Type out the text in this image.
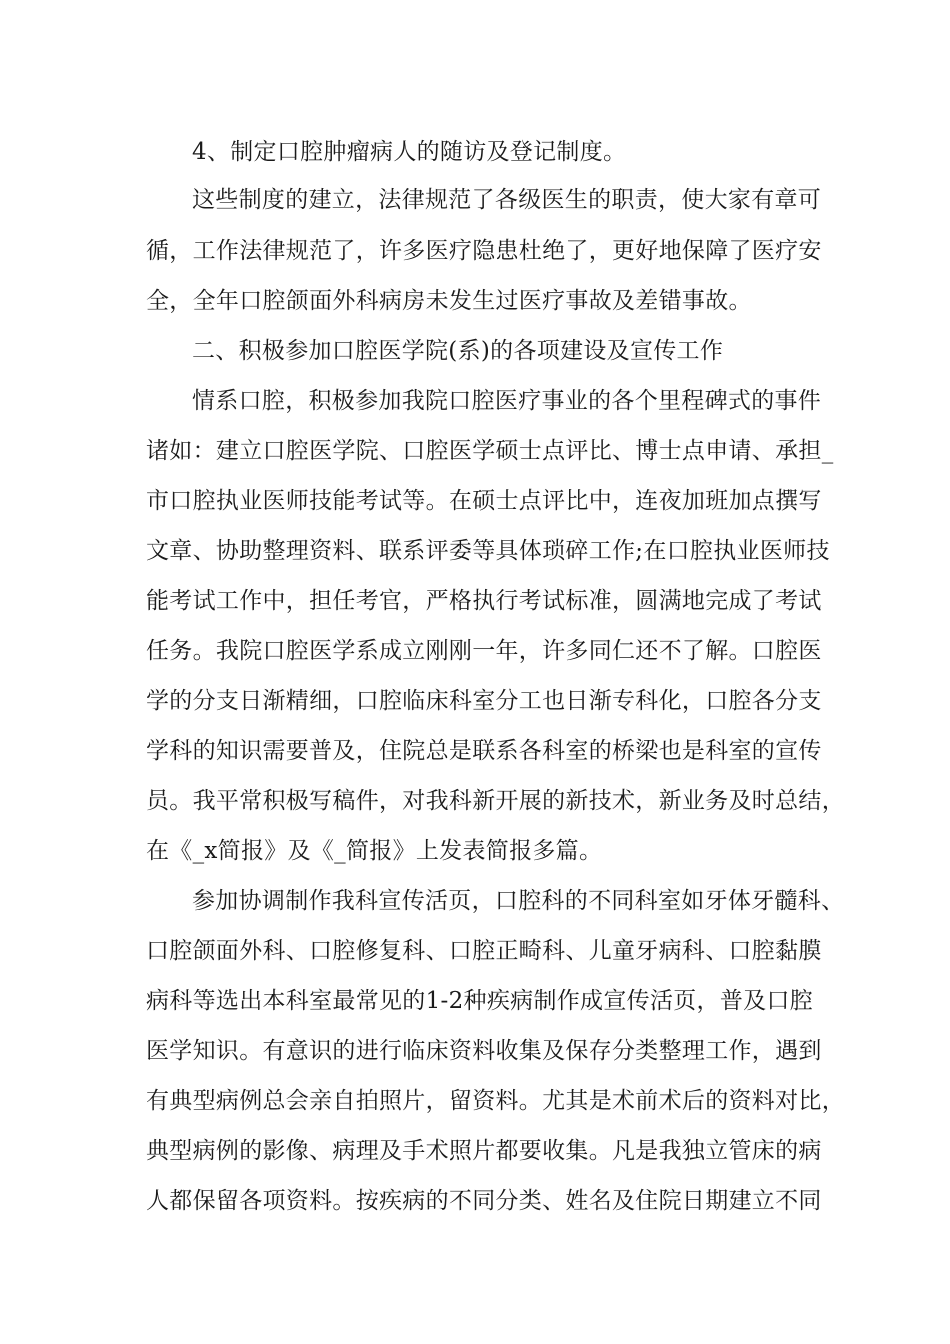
4、制定口腔肿瘤病人的随访及登记制度。

这些制度的建立，法律规范了各级医生的职责，使大家有章可

循，工作法律规范了，许多医疗隐患杜绝了，更好地保障了医疗安

全，全年口腔颌面外科病房未发生过医疗事故及差错事故。

二、积极参加口腔医学院(系)的各项建设及宣传工作

情系口腔，积极参加我院口腔医疗事业的各个里程碑式的事件

诸如：建立口腔医学院、口腔医学硕士点评比、博士点申请、承担_

市口腔执业医师技能考试等。在硕士点评比中，连夜加班加点撰写

文章、协助整理资料、联系评委等具体琐碎工作;在口腔执业医师技

能考试工作中，担任考官，严格执行考试标准，圆满地完成了考试

任务。我院口腔医学系成立刚刚一年，许多同仁还不了解。口腔医

学的分支日渐精细，口腔临床科室分工也日渐专科化，口腔各分支

学科的知识需要普及，住院总是联系各科室的桥梁也是科室的宣传

员。我平常积极写稿件，对我科新开展的新技术，新业务及时总结，

在《_x简报》及《_简报》上发表简报多篇。

参加协调制作我科宣传活页，口腔科的不同科室如牙体牙髓科、

口腔颌面外科、口腔修复科、口腔正畸科、儿童牙病科、口腔黏膜

病科等选出本科室最常见的1-2种疾病制作成宣传活页，普及口腔

医学知识。有意识的进行临床资料收集及保存分类整理工作，遇到

有典型病例总会亲自拍照片，留资料。尤其是术前术后的资料对比，

典型病例的影像、病理及手术照片都要收集。凡是我独立管床的病

人都保留各项资料。按疾病的不同分类、姓名及住院日期建立不同
